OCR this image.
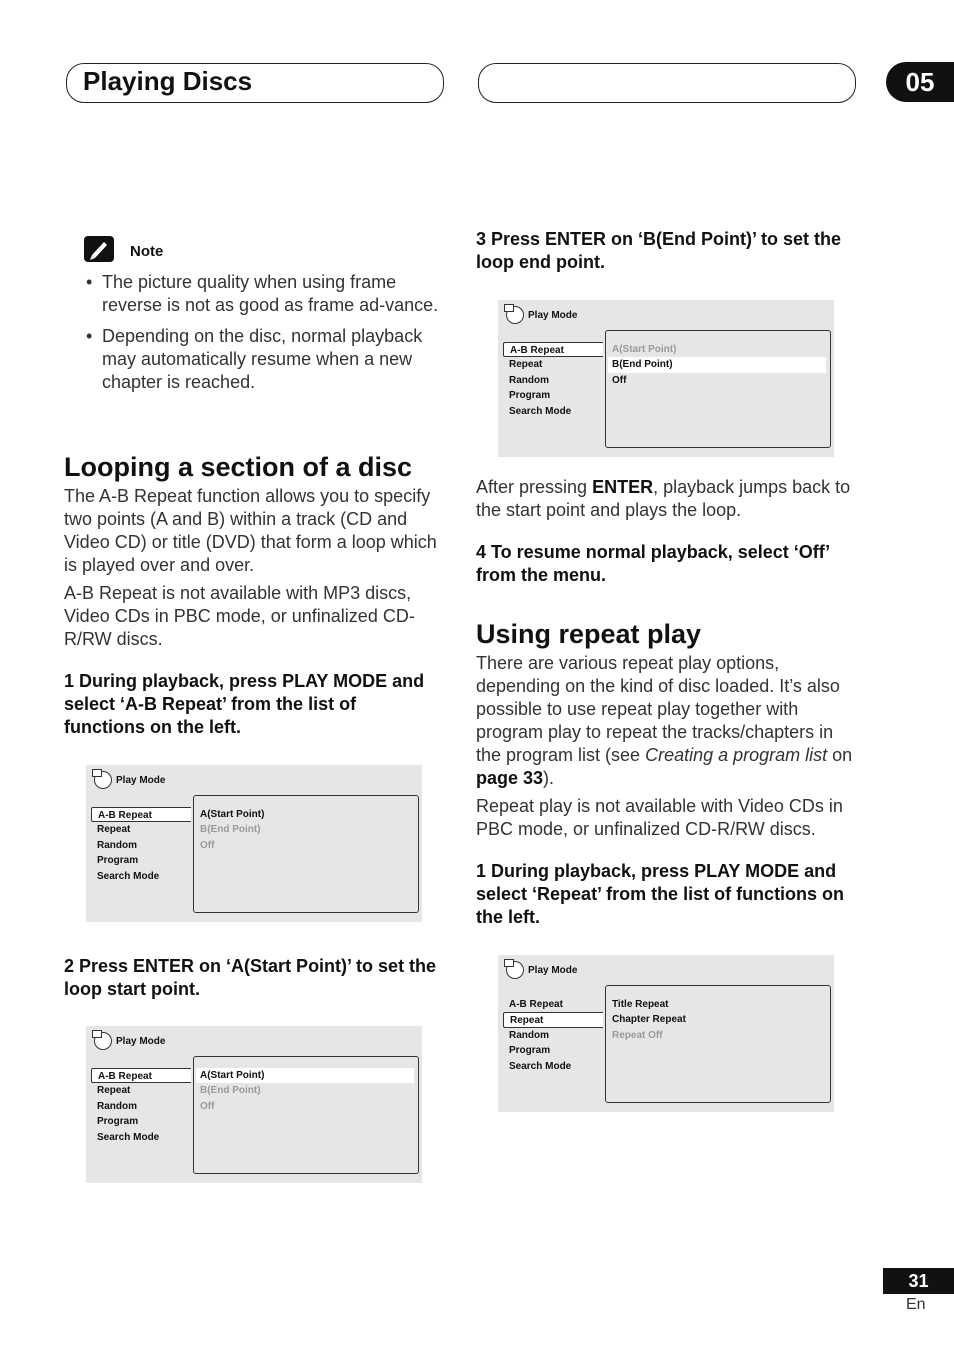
Playing Discs	05
Note
• The picture quality when using frame reverse is not as good as frame ad-vance.
• Depending on the disc, normal playback may automatically resume when a new chapter is reached.
Looping a section of a disc
The A-B Repeat function allows you to specify two points (A and B) within a track (CD and Video CD) or title (DVD) that form a loop which is played over and over.
A-B Repeat is not available with MP3 discs, Video CDs in PBC mode, or unfinalized CD-R/RW discs.
1 During playback, press PLAY MODE and select ‘A-B Repeat’ from the list of functions on the left.
Play Mode
A-B Repeat
Repeat
Random
Program
Search Mode
A(Start Point)
B(End Point)
Off
2 Press ENTER on ‘A(Start Point)’ to set the loop start point.
Play Mode
A-B Repeat
Repeat
Random
Program
Search Mode
A(Start Point)
B(End Point)
Off
3 Press ENTER on ‘B(End Point)’ to set the loop end point.
Play Mode
A-B Repeat
Repeat
Random
Program
Search Mode
A(Start Point)
B(End Point)
Off
After pressing ENTER, playback jumps back to the start point and plays the loop.
4 To resume normal playback, select ‘Off’ from the menu.
Using repeat play
There are various repeat play options, depending on the kind of disc loaded. It’s also possible to use repeat play together with program play to repeat the tracks/chapters in the program list (see Creating a program list on page 33).
Repeat play is not available with Video CDs in PBC mode, or unfinalized CD-R/RW discs.
1 During playback, press PLAY MODE and select ‘Repeat’ from the list of functions on the left.
Play Mode
A-B Repeat
Repeat
Random
Program
Search Mode
Title Repeat
Chapter Repeat
Repeat Off
31
En
